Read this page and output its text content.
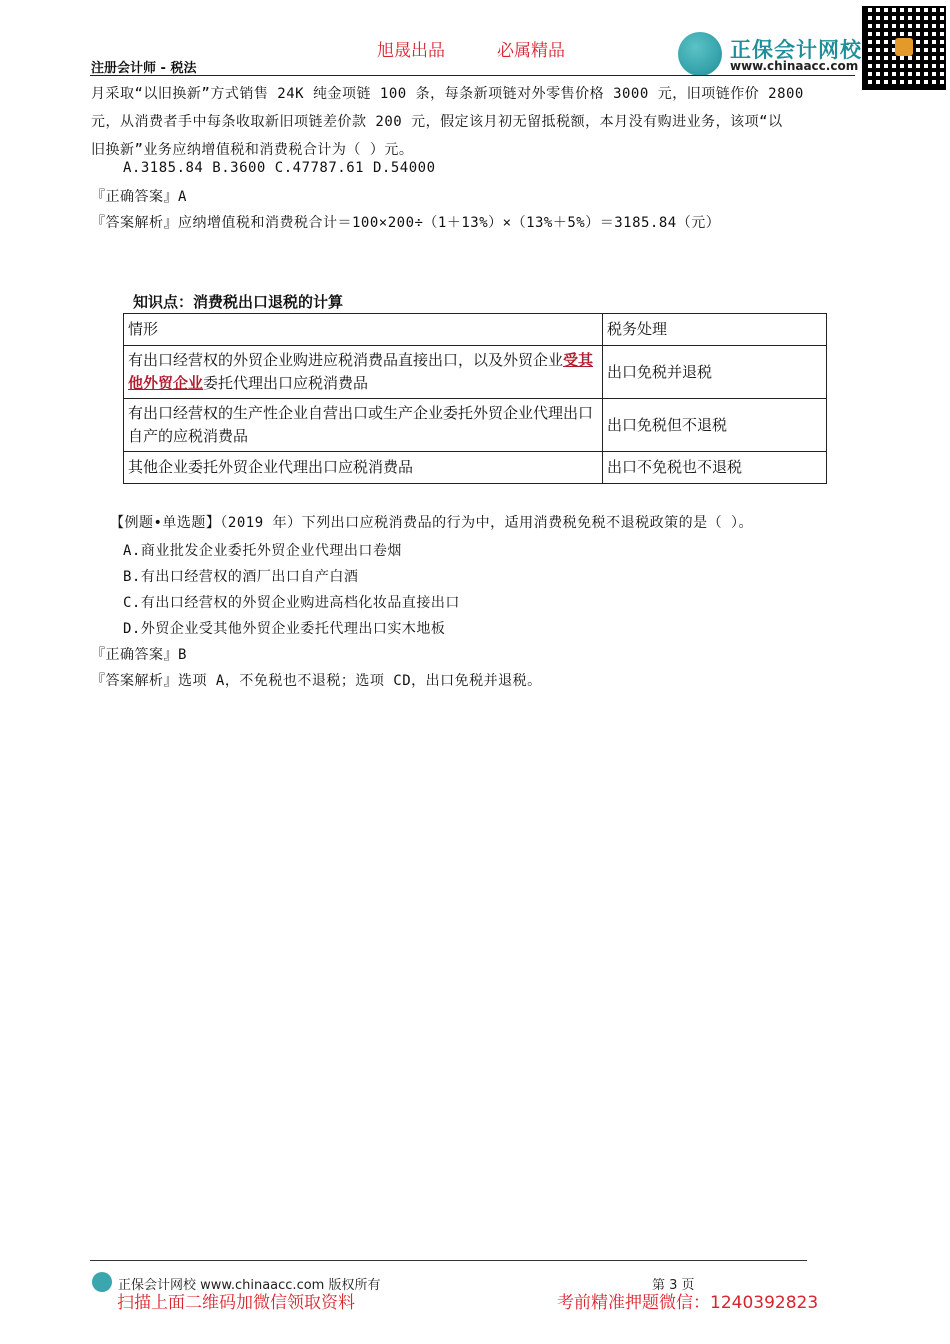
旭晟出品	必属精品
注册会计师 - 税法
正保会计网校
www.chinaacc.com
月采取“以旧换新”方式销售 24K 纯金项链 100 条，每条新项链对外零售价格 3000 元，旧项链作价 2800
元，从消费者手中每条收取新旧项链差价款 200 元，假定该月初无留抵税额，本月没有购进业务，该项“以
旧换新”业务应纳增值税和消费税合计为（ ）元。
A.3185.84 B.3600 C.47787.61 D.54000
『正确答案』A
『答案解析』应纳增值税和消费税合计＝100×200÷（1＋13%）×（13%＋5%）＝3185.84（元）
知识点：消费税出口退税的计算
情形	税务处理
有出口经营权的外贸企业购进应税消费品直接出口，以及外贸企业受其他外贸企业委托代理出口应税消费品	出口免税并退税
有出口经营权的生产性企业自营出口或生产企业委托外贸企业代理出口自产的应税消费品	出口免税但不退税
其他企业委托外贸企业代理出口应税消费品	出口不免税也不退税
【例题•单选题】（2019 年）下列出口应税消费品的行为中，适用消费税免税不退税政策的是（ ）。
A.商业批发企业委托外贸企业代理出口卷烟
B.有出口经营权的酒厂出口自产白酒
C.有出口经营权的外贸企业购进高档化妆品直接出口
D.外贸企业受其他外贸企业委托代理出口实木地板
『正确答案』B
『答案解析』选项 A，不免税也不退税；选项 CD，出口免税并退税。
正保会计网校 www.chinaacc.com 版权所有	第 3 页
扫描上面二维码加微信领取资料	考前精准押题微信：1240392823
